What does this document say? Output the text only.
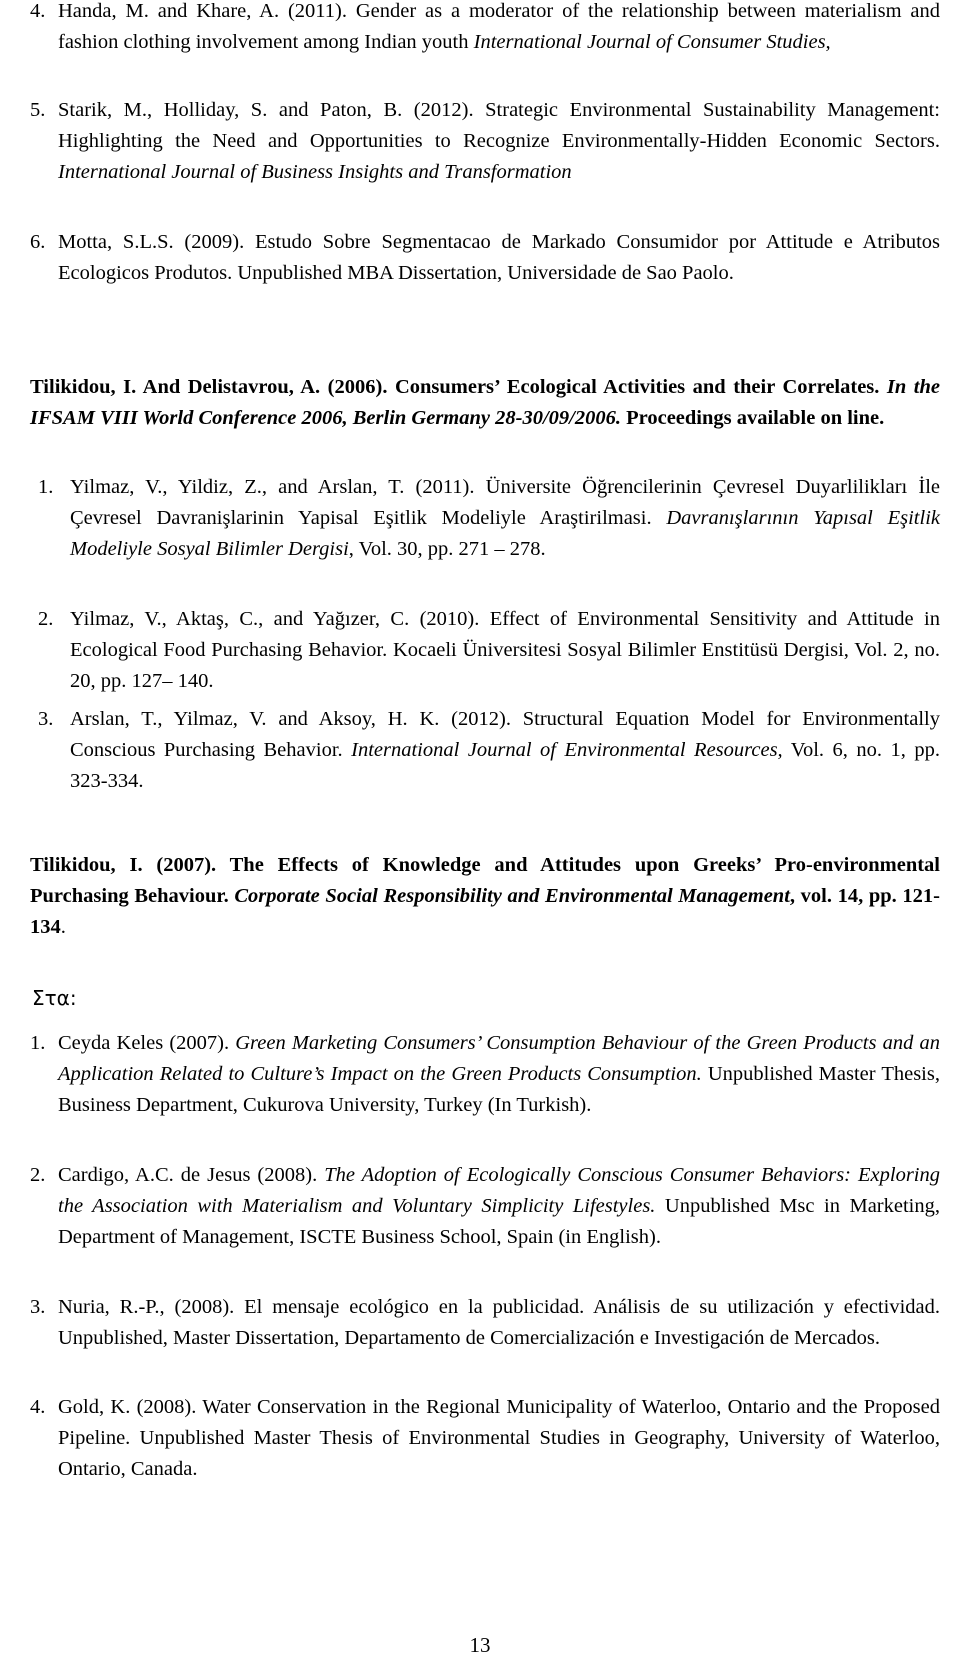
4. Handa, M. and Khare, A. (2011). Gender as a moderator of the relationship between materialism and fashion clothing involvement among Indian youth International Journal of Consumer Studies,
5. Starik, M., Holliday, S. and Paton, B. (2012). Strategic Environmental Sustainability Management: Highlighting the Need and Opportunities to Recognize Environmentally-Hidden Economic Sectors. International Journal of Business Insights and Transformation
6. Motta, S.L.S. (2009). Estudo Sobre Segmentacao de Markado Consumidor por Attitude e Atributos Ecologicos Produtos. Unpublished MBA Dissertation, Universidade de Sao Paolo.
Tilikidou, I. And Delistavrou, A. (2006). Consumers’ Ecological Activities and their Correlates. In the IFSAM VIII World Conference 2006, Berlin Germany 28-30/09/2006. Proceedings available on line.
1. Yilmaz, V., Yildiz, Z., and Arslan, T. (2011). Üniversite Öğrencilerinin Çevresel Duyarlilikları İle Çevresel Davranişlarinin Yapisal Eşitlik Modeliyle Araştirilmasi. Davranışlarının Yapısal Eşitlik Modeliyle Sosyal Bilimler Dergisi, Vol. 30, pp. 271 – 278.
2. Yilmaz, V., Aktaş, C., and Yağızer, C. (2010). Effect of Environmental Sensitivity and Attitude in Ecological Food Purchasing Behavior. Kocaeli Üniversitesi Sosyal Bilimler Enstitüsü Dergisi, Vol. 2, no. 20, pp. 127– 140.
3. Arslan, T., Yilmaz, V. and Aksoy, H. K. (2012). Structural Equation Model for Environmentally Conscious Purchasing Behavior. International Journal of Environmental Resources, Vol. 6, no. 1, pp. 323-334.
Tilikidou, I. (2007). The Effects of Knowledge and Attitudes upon Greeks’ Pro-environmental Purchasing Behaviour. Corporate Social Responsibility and Environmental Management, vol. 14, pp. 121-134.
Στα:
1. Ceyda Keles (2007). Green Marketing Consumers’ Consumption Behaviour of the Green Products and an Application Related to Culture’s Impact on the Green Products Consumption. Unpublished Master Thesis, Business Department, Cukurova University, Turkey (In Turkish).
2. Cardigo, A.C. de Jesus (2008). The Adoption of Ecologically Conscious Consumer Behaviors: Exploring the Association with Materialism and Voluntary Simplicity Lifestyles. Unpublished Msc in Marketing, Department of Management, ISCTE Business School, Spain (in English).
3. Nuria, R.-P., (2008). El mensaje ecológico en la publicidad. Análisis de su utilización y efectividad. Unpublished, Master Dissertation, Departamento de Comercialización e Investigación de Mercados.
4. Gold, K. (2008). Water Conservation in the Regional Municipality of Waterloo, Ontario and the Proposed Pipeline. Unpublished Master Thesis of Environmental Studies in Geography, University of Waterloo, Ontario, Canada.
13
